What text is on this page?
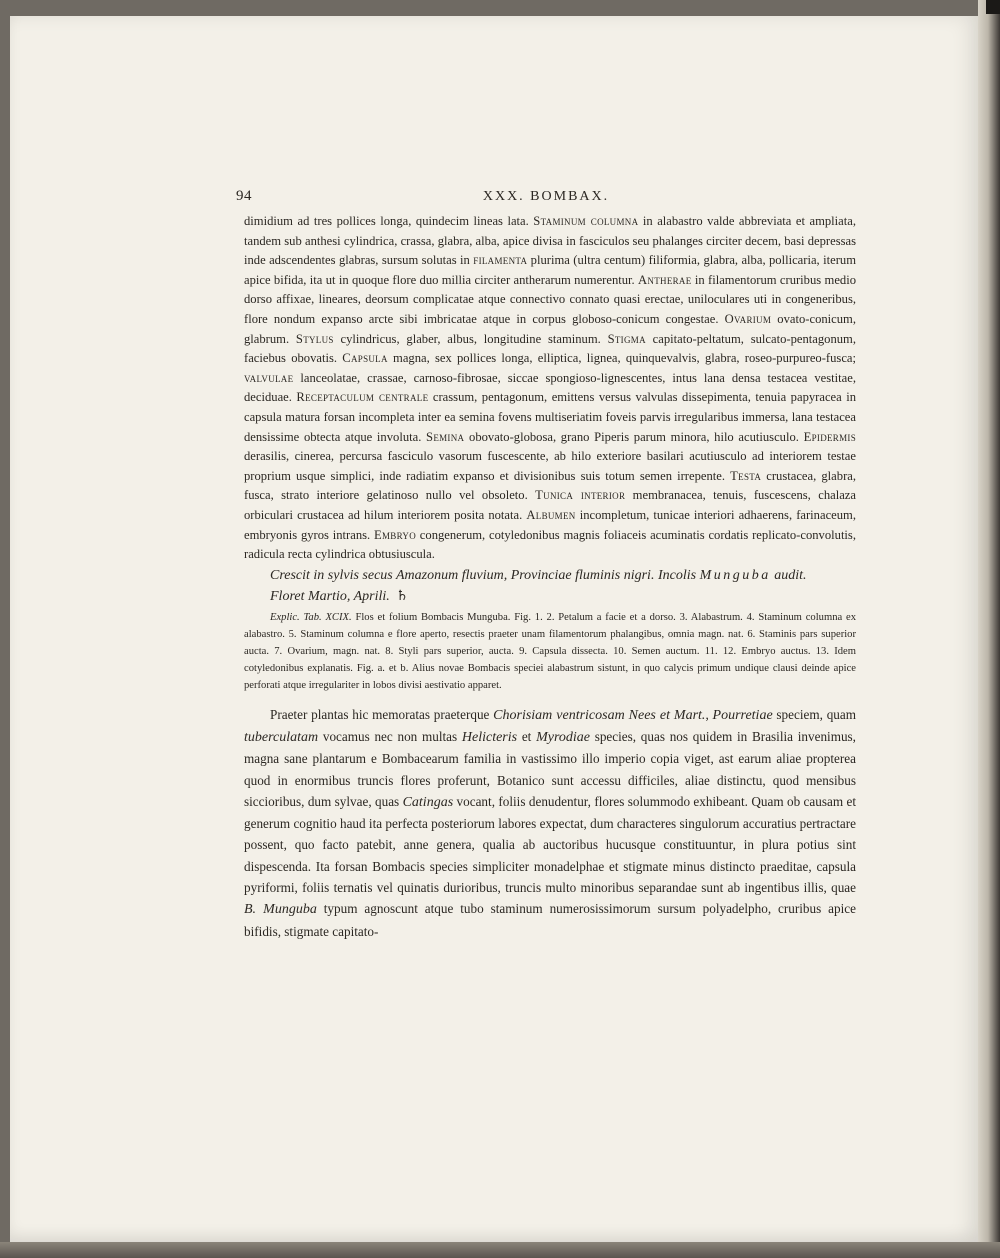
94	XXX. BOMBAX.

dimidium ad tres pollices longa, quindecim lineas lata. Staminum columna in alabastro valde abbreviata et ampliata, tandem sub anthesi cylindrica, crassa, glabra, alba, apice divisa in fasciculos seu phalanges circiter decem, basi depressas inde adscendentes glabras, sursum solutas in filamenta plurima (ultra centum) filiformia, glabra, alba, pollicaria, iterum apice bifida, ita ut in quoque flore duo millia circiter antherarum numerentur. Antherae in filamentorum cruribus medio dorso affixae, lineares, deorsum complicatae atque connectivo connato quasi erectae, uniloculares uti in congeneribus, flore nondum expanso arcte sibi imbricatae atque in corpus globoso-conicum congestae. Ovarium ovato-conicum, glabrum. Stylus cylindricus, glaber, albus, longitudine staminum. Stigma capitato-peltatum, sulcato-pentagonum, faciebus obovatis. Capsula magna, sex pollices longa, elliptica, lignea, quinquevalvis, glabra, roseo-purpureo-fusca; valvulae lanceolatae, crassae, carnoso-fibrosae, siccae spongioso-lignescentes, intus lana densa testacea vestitae, deciduae. Receptaculum centrale crassum, pentagonum, emittens versus valvulas dissepimenta, tenuia papyracea in capsula matura forsan incompleta inter ea semina fovens multiseriatim foveis parvis irregularibus immersa, lana testacea densissime obtecta atque involuta. Semina obovato-globosa, grano Piperis parum minora, hilo acutiusculo. Epidermis derasilis, cinerea, percursa fasciculo vasorum fuscescente, ab hilo exteriore basilari acutiusculo ad interiorem testae proprium usque simplici, inde radiatim expanso et divisionibus suis totum semen irrepente. Testa crustacea, glabra, fusca, strato interiore gelatinoso nullo vel obsoleto. Tunica interior membranacea, tenuis, fuscescens, chalaza orbiculari crustacea ad hilum interiorem posita notata. Albumen incompletum, tunicae interiori adhaerens, farinaceum, embryonis gyros intrans. Embryo congenerum, cotyledonibus magnis foliaceis acuminatis cordatis replicato-convolutis, radicula recta cylindrica obtusiuscula.

Crescit in sylvis secus Amazonum fluvium, Provinciae fluminis nigri. Incolis Munguba audit.

Floret Martio, Aprili. ♄

Explic. Tab. XCIX. Flos et folium Bombacis Munguba. Fig. 1. 2. Petalum a facie et a dorso. 3. Alabastrum. 4. Staminum columna ex alabastro. 5. Staminum columna e flore aperto, resectis praeter unam filamentorum phalangibus, omnia magn. nat. 6. Staminis pars superior aucta. 7. Ovarium, magn. nat. 8. Styli pars superior, aucta. 9. Capsula dissecta. 10. Semen auctum. 11. 12. Embryo auctus. 13. Idem cotyledonibus explanatis. Fig. a. et b. Alius novae Bombacis speciei alabastrum sistunt, in quo calycis primum undique clausi deinde apice perforati atque irregulariter in lobos divisi aestivatio apparet.

Praeter plantas hic memoratas praeterque Chorisiam ventricosam Nees et Mart., Pourretiae speciem, quam tuberculatam vocamus nec non multas Helicteris et Myrodiae species, quas nos quidem in Brasilia invenimus, magna sane plantarum e Bombacearum familia in vastissimo illo imperio copia viget, ast earum aliae propterea quod in enormibus truncis flores proferunt, Botanico sunt accessu difficiles, aliae distinctu, quod mensibus siccioribus, dum sylvae, quas Catingas vocant, foliis denudentur, flores solummodo exhibeant. Quam ob causam et generum cognitio haud ita perfecta posteriorum labores expectat, dum characteres singulorum accuratius pertractare possent, quo facto patebit, anne genera, qualia ab auctoribus hucusque constituuntur, in plura potius sint dispescenda. Ita forsan Bombacis species simpliciter monadelphae et stigmate minus distincto praeditae, capsula pyriformi, foliis ternatis vel quinatis durioribus, truncis multo minoribus separandae sunt ab ingentibus illis, quae B. Munguba typum agnoscunt atque tubo staminum numerosissimorum sursum polyadelpho, cruribus apice bifidis, stigmate capitato-
